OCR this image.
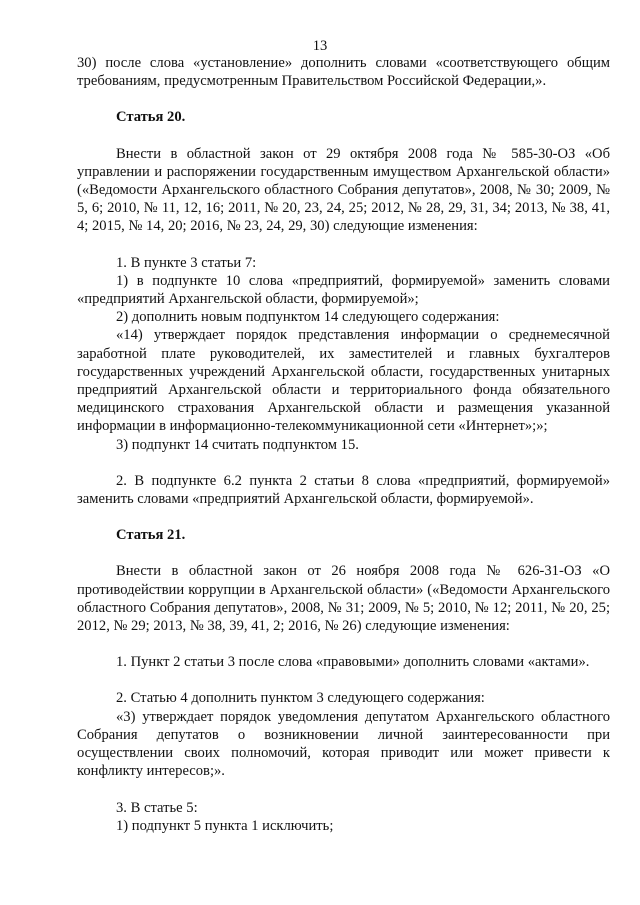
13

30) после слова «установление» дополнить словами «соответствующего общим требованиям, предусмотренным Правительством Российской Федерации,».

Статья 20.

Внести в областной закон от 29 октября 2008 года № 585-30-ОЗ «Об управлении и распоряжении государственным имуществом Архангельской области» («Ведомости Архангельского областного Собрания депутатов», 2008, № 30; 2009, № 5, 6; 2010, № 11, 12, 16; 2011, № 20, 23, 24, 25; 2012, № 28, 29, 31, 34; 2013, № 38, 41, 4; 2015, № 14, 20; 2016, № 23, 24, 29, 30) следующие изменения:

1. В пункте 3 статьи 7:

1) в подпункте 10 слова «предприятий, формируемой» заменить словами «предприятий Архангельской области, формируемой»;

2) дополнить новым подпунктом 14 следующего содержания:

«14) утверждает порядок представления информации о среднемесячной заработной плате руководителей, их заместителей и главных бухгалтеров государственных учреждений Архангельской области, государственных унитарных предприятий Архангельской области и территориального фонда обязательного медицинского страхования Архангельской области и размещения указанной информации в информационно-телекоммуникационной сети «Интернет»;»;

3) подпункт 14 считать подпунктом 15.

2. В подпункте 6.2 пункта 2 статьи 8 слова «предприятий, формируемой» заменить словами «предприятий Архангельской области, формируемой».

Статья 21.

Внести в областной закон от 26 ноября 2008 года № 626-31-ОЗ «О противодействии коррупции в Архангельской области» («Ведомости Архангельского областного Собрания депутатов», 2008, № 31; 2009, № 5; 2010, № 12; 2011, № 20, 25; 2012, № 29; 2013, № 38, 39, 41, 2; 2016, № 26) следующие изменения:

1. Пункт 2 статьи 3 после слова «правовыми» дополнить словами «актами».

2. Статью 4 дополнить пунктом 3 следующего содержания:

«3) утверждает порядок уведомления депутатом Архангельского областного Собрания депутатов о возникновении личной заинтересованности при осуществлении своих полномочий, которая приводит или может привести к конфликту интересов;».

3. В статье 5:

1) подпункт 5 пункта 1 исключить;
